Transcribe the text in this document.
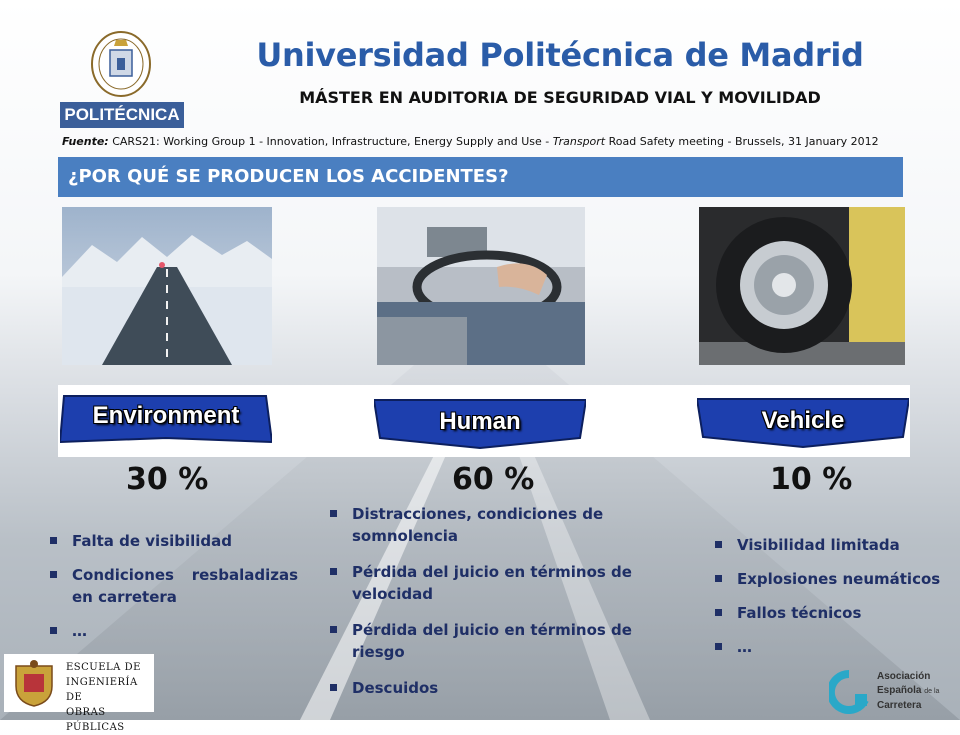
POLITÉCNICA
Universidad Politécnica de Madrid
MÁSTER EN AUDITORIA DE SEGURIDAD VIAL Y MOVILIDAD
Fuente: CARS21: Working Group 1 - Innovation, Infrastructure, Energy Supply and Use - Transport Road Safety meeting - Brussels, 31 January 2012
¿POR QUÉ SE PRODUCEN LOS ACCIDENTES?
Environment	Human	Vehicle
30 %	60 %	10 %
Falta de visibilidad
Condiciones resbaladizas en carretera
…
Distracciones, condiciones de somnolencia
Pérdida del juicio en términos de velocidad
Pérdida del juicio en términos de riesgo
Descuidos
Visibilidad limitada
Explosiones neumáticos
Fallos técnicos
…
ESCUELA DE
INGENIERÍA DE
OBRAS PÚBLICAS
Asociación
Española de la
Carretera
